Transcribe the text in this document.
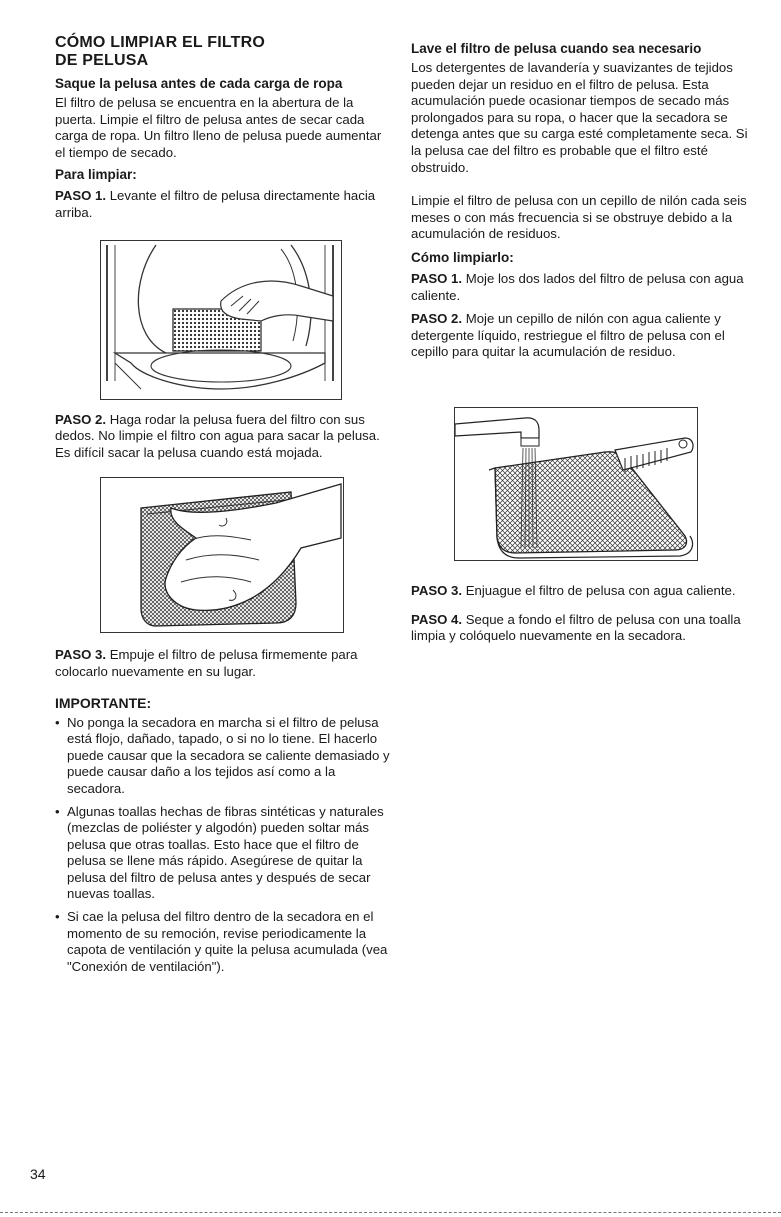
CÓMO LIMPIAR EL FILTRO
DE PELUSA
Saque la pelusa antes de cada carga de ropa

El filtro de pelusa se encuentra en la abertura de la puerta. Limpie el filtro de pelusa antes de secar cada carga de ropa. Un filtro lleno de pelusa puede aumentar el tiempo de secado.

Para limpiar:

PASO 1. Levante el filtro de pelusa directamente hacia arriba.

PASO 2. Haga rodar la pelusa fuera del filtro con sus dedos. No limpie el filtro con agua para sacar la pelusa. Es difícil sacar la pelusa cuando está mojada.

PASO 3. Empuje el filtro de pelusa firmemente para colocarlo nuevamente en su lugar.

IMPORTANTE:
• No ponga la secadora en marcha si el filtro de pelusa está flojo, dañado, tapado, o si no lo tiene. El hacerlo puede causar que la secadora se caliente demasiado y puede causar daño a los tejidos así como a la secadora.
• Algunas toallas hechas de fibras sintéticas y naturales (mezclas de poliéster y algodón) pueden soltar más pelusa que otras toallas. Esto hace que el filtro de pelusa se llene más rápido. Asegúrese de quitar la pelusa del filtro de pelusa antes y después de secar nuevas toallas.
• Si cae la pelusa del filtro dentro de la secadora en el momento de su remoción, revise periodicamente la capota de ventilación y quite la pelusa acumulada (vea "Conexión de ventilación").
Lave el filtro de pelusa cuando sea necesario

Los detergentes de lavandería y suavizantes de tejidos pueden dejar un residuo en el filtro de pelusa. Esta acumulación puede ocasionar tiempos de secado más prolongados para su ropa, o hacer que la secadora se detenga antes que su carga esté completamente seca. Si la pelusa cae del filtro es probable que el filtro esté obstruido.

Limpie el filtro de pelusa con un cepillo de nilón cada seis meses o con más frecuencia si se obstruye debido a la acumulación de residuos.

Cómo limpiarlo:

PASO 1. Moje los dos lados del filtro de pelusa con agua caliente.

PASO 2. Moje un cepillo de nilón con agua caliente y detergente líquido, restriegue el filtro de pelusa con el cepillo para quitar la acumulación de residuo.

PASO 3. Enjuague el filtro de pelusa con agua caliente.

PASO 4. Seque a fondo el filtro de pelusa con una toalla limpia y colóquelo nuevamente en la secadora.

34
